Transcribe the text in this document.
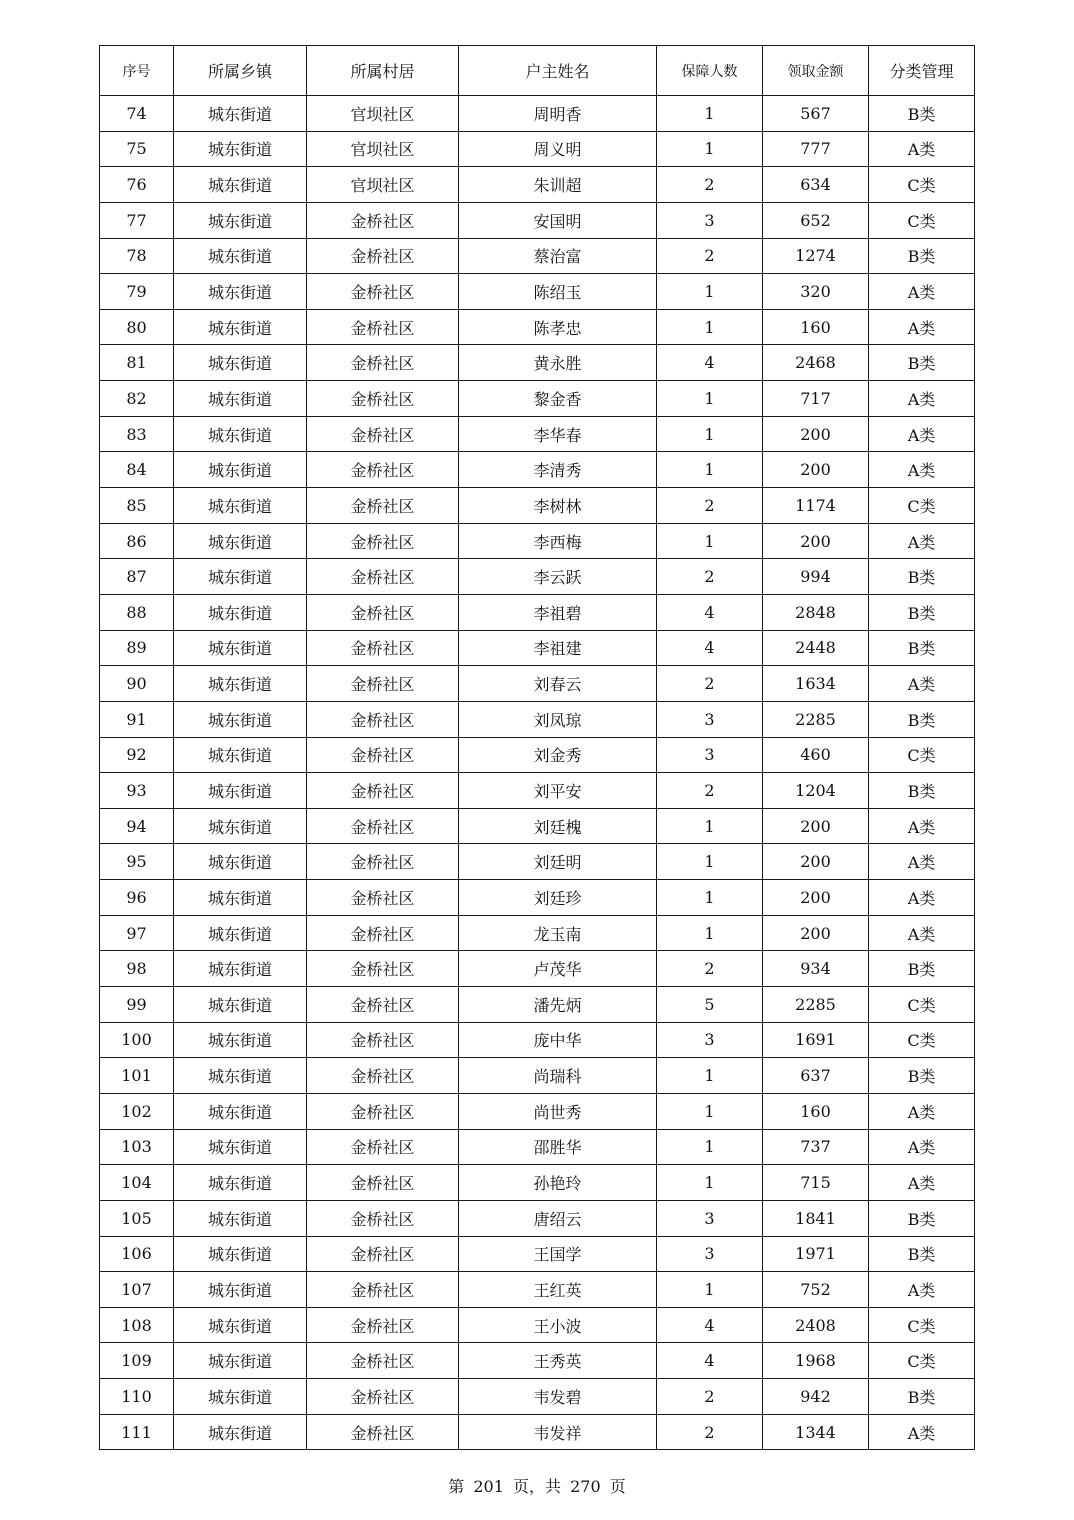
序号	所属乡镇	所属村居	户主姓名	保障人数	领取金额	分类管理
74	城东街道	官坝社区	周明香	1	567	B类
75	城东街道	官坝社区	周义明	1	777	A类
76	城东街道	官坝社区	朱训超	2	634	C类
77	城东街道	金桥社区	安国明	3	652	C类
78	城东街道	金桥社区	蔡治富	2	1274	B类
79	城东街道	金桥社区	陈绍玉	1	320	A类
80	城东街道	金桥社区	陈孝忠	1	160	A类
81	城东街道	金桥社区	黄永胜	4	2468	B类
82	城东街道	金桥社区	黎金香	1	717	A类
83	城东街道	金桥社区	李华春	1	200	A类
84	城东街道	金桥社区	李清秀	1	200	A类
85	城东街道	金桥社区	李树林	2	1174	C类
86	城东街道	金桥社区	李西梅	1	200	A类
87	城东街道	金桥社区	李云跃	2	994	B类
88	城东街道	金桥社区	李祖碧	4	2848	B类
89	城东街道	金桥社区	李祖建	4	2448	B类
90	城东街道	金桥社区	刘春云	2	1634	A类
91	城东街道	金桥社区	刘凤琼	3	2285	B类
92	城东街道	金桥社区	刘金秀	3	460	C类
93	城东街道	金桥社区	刘平安	2	1204	B类
94	城东街道	金桥社区	刘廷槐	1	200	A类
95	城东街道	金桥社区	刘廷明	1	200	A类
96	城东街道	金桥社区	刘廷珍	1	200	A类
97	城东街道	金桥社区	龙玉南	1	200	A类
98	城东街道	金桥社区	卢茂华	2	934	B类
99	城东街道	金桥社区	潘先炳	5	2285	C类
100	城东街道	金桥社区	庞中华	3	1691	C类
101	城东街道	金桥社区	尚瑞科	1	637	B类
102	城东街道	金桥社区	尚世秀	1	160	A类
103	城东街道	金桥社区	邵胜华	1	737	A类
104	城东街道	金桥社区	孙艳玲	1	715	A类
105	城东街道	金桥社区	唐绍云	3	1841	B类
106	城东街道	金桥社区	王国学	3	1971	B类
107	城东街道	金桥社区	王红英	1	752	A类
108	城东街道	金桥社区	王小波	4	2408	C类
109	城东街道	金桥社区	王秀英	4	1968	C类
110	城东街道	金桥社区	韦发碧	2	942	B类
111	城东街道	金桥社区	韦发祥	2	1344	A类
第 201 页，共 270 页
